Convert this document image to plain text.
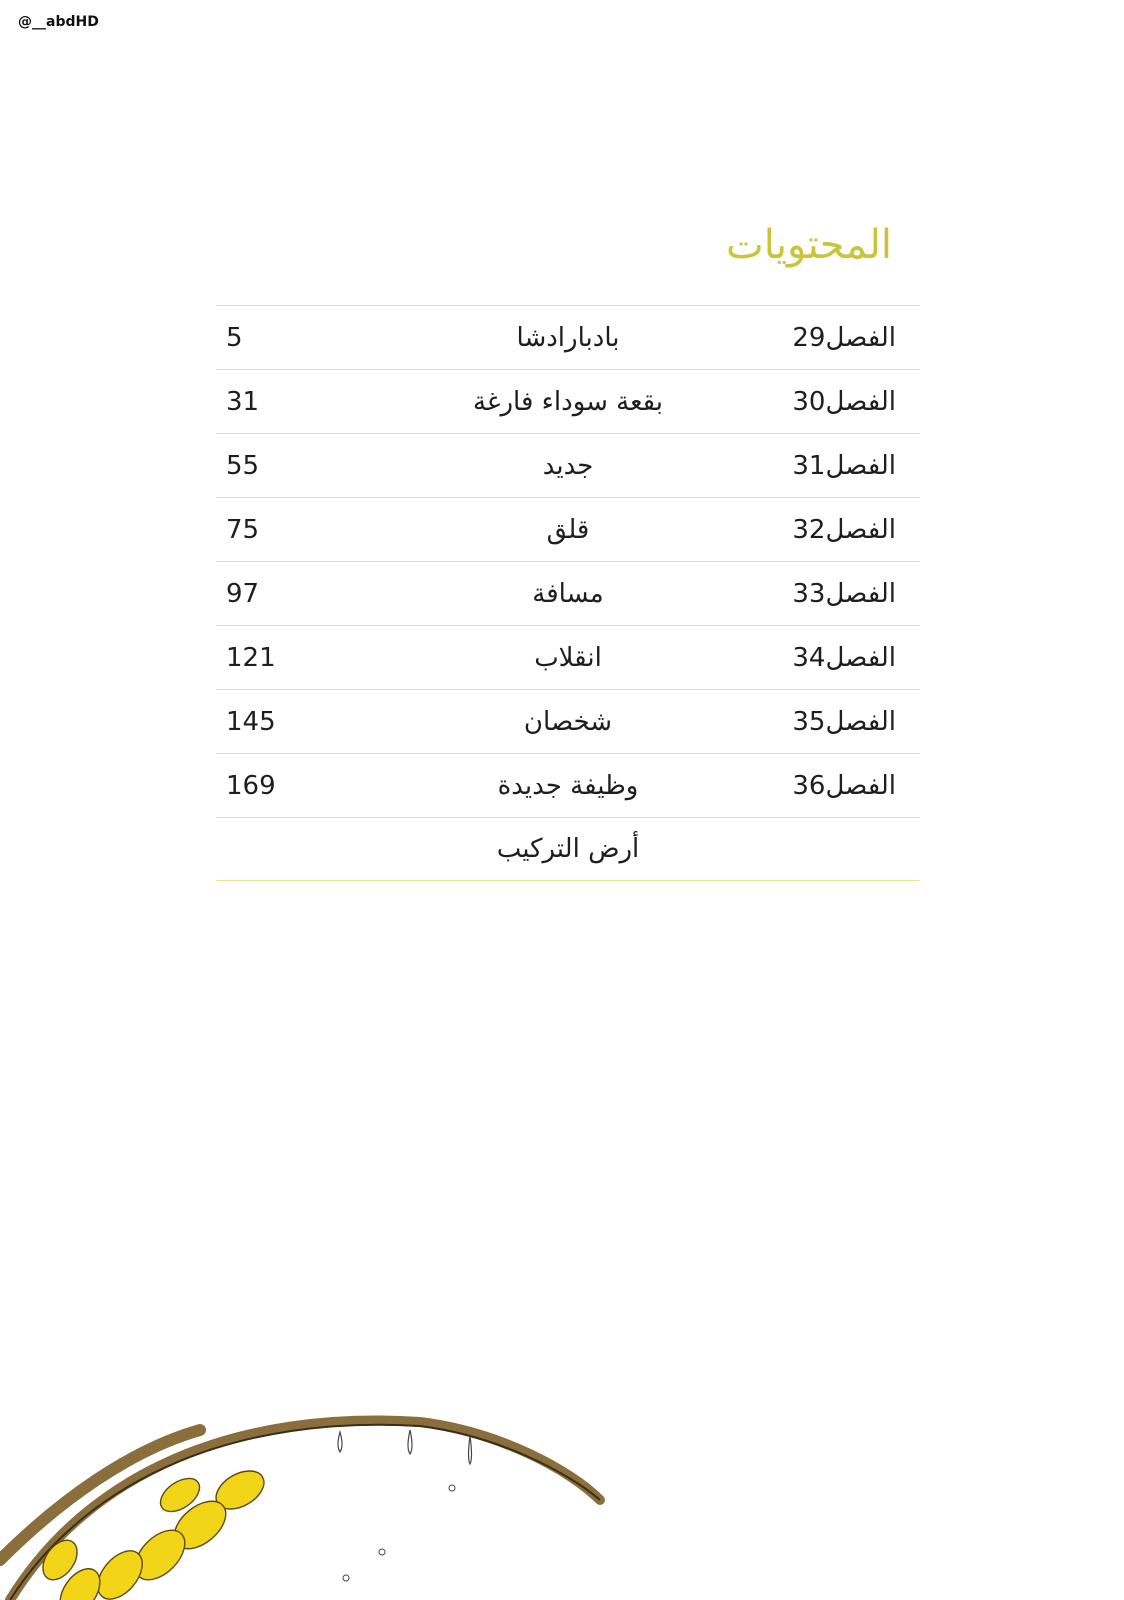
@__abdHD
المحتويات
الفصل29
بادبارادشا
5
الفصل30
بقعة سوداء فارغة
31
الفصل31
جديد
55
الفصل32
قلق
75
الفصل33
مسافة
97
الفصل34
انقلاب
121
الفصل35
شخصان
145
الفصل36
وظيفة جديدة
169
أرض التركيب
